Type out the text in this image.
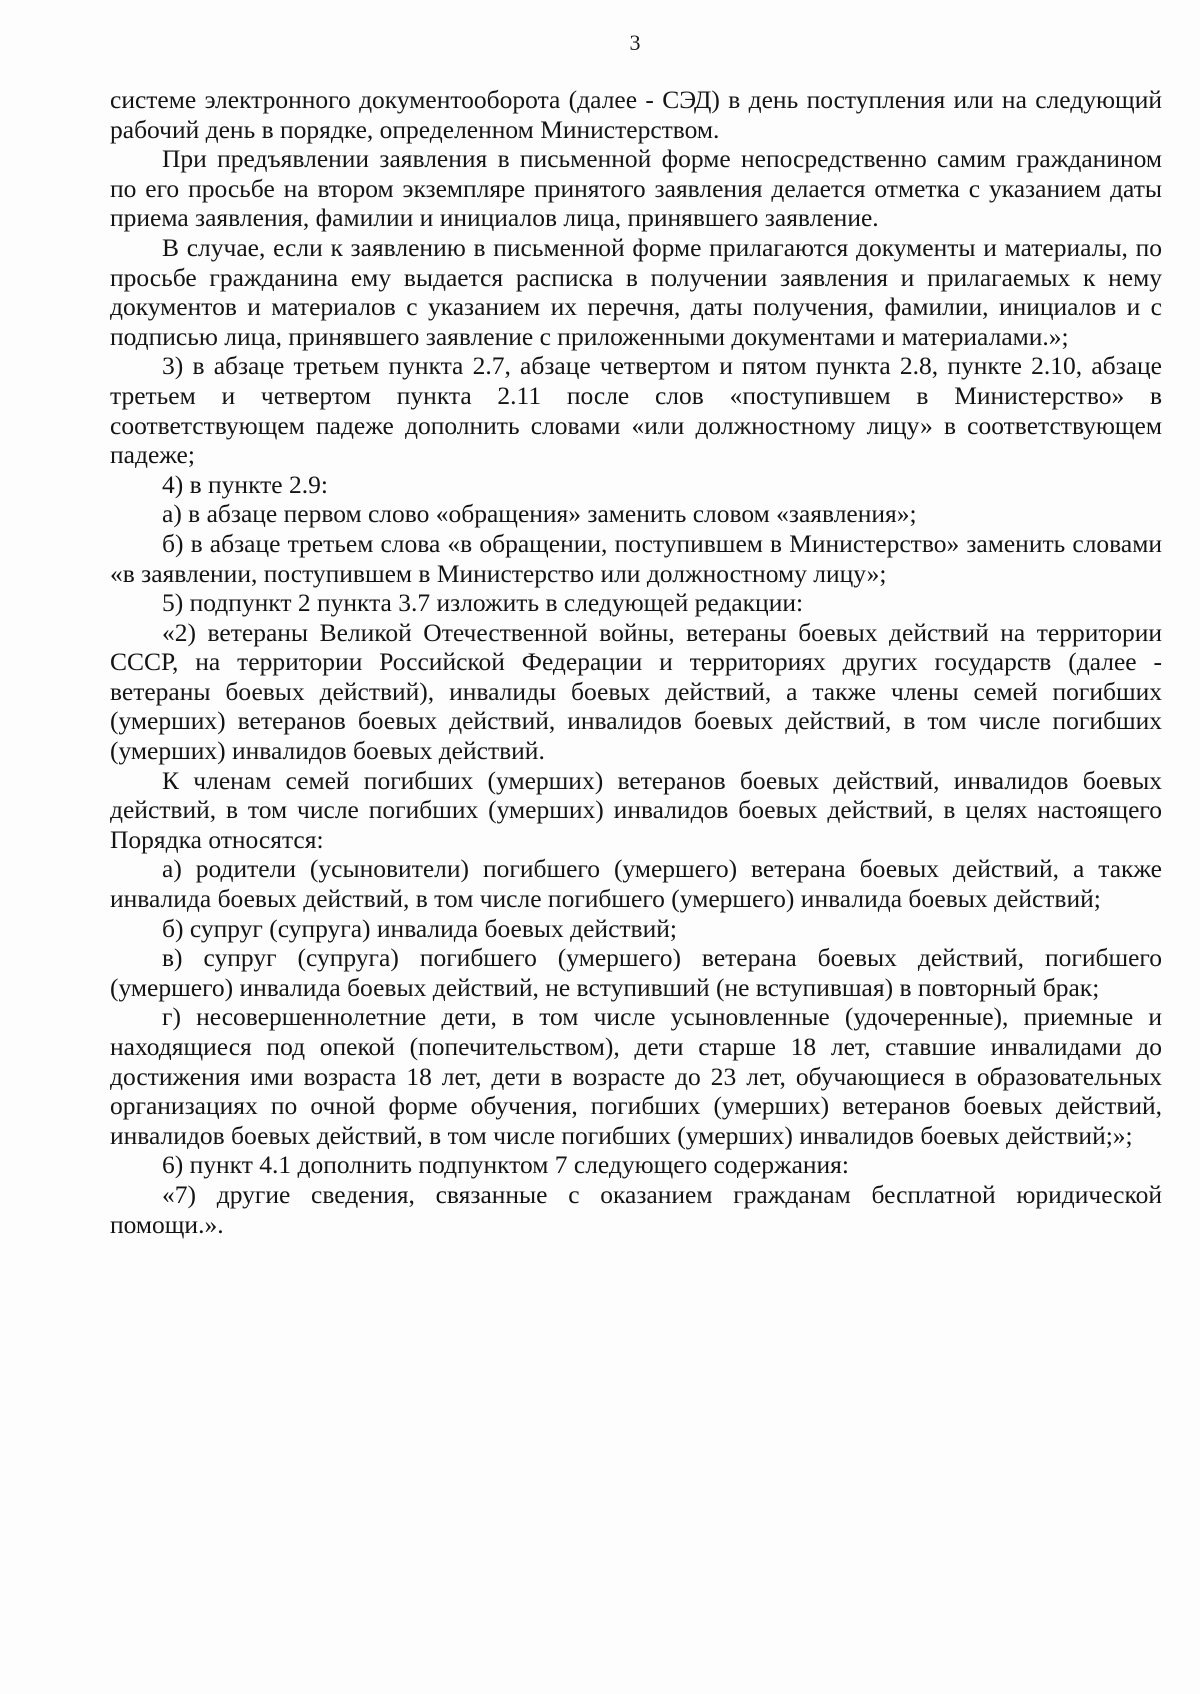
3

системе электронного документооборота (далее - СЭД) в день поступления или на следующий рабочий день в порядке, определенном Министерством.

При предъявлении заявления в письменной форме непосредственно самим гражданином по его просьбе на втором экземпляре принятого заявления делается отметка с указанием даты приема заявления, фамилии и инициалов лица, принявшего заявление.

В случае, если к заявлению в письменной форме прилагаются документы и материалы, по просьбе гражданина ему выдается расписка в получении заявления и прилагаемых к нему документов и материалов с указанием их перечня, даты получения, фамилии, инициалов и с подписью лица, принявшего заявление с приложенными документами и материалами.»;

3) в абзаце третьем пункта 2.7, абзаце четвертом и пятом пункта 2.8, пункте 2.10, абзаце третьем и четвертом пункта 2.11 после слов «поступившем в Министерство» в соответствующем падеже дополнить словами «или должностному лицу» в соответствующем падеже;

4) в пункте 2.9:

а) в абзаце первом слово «обращения» заменить словом «заявления»;

б) в абзаце третьем слова «в обращении, поступившем в Министерство» заменить словами «в заявлении, поступившем в Министерство или должностному лицу»;

5) подпункт 2 пункта 3.7 изложить в следующей редакции:

«2) ветераны Великой Отечественной войны, ветераны боевых действий на территории СССР, на территории Российской Федерации и территориях других государств (далее - ветераны боевых действий), инвалиды боевых действий, а также члены семей погибших (умерших) ветеранов боевых действий, инвалидов боевых действий, в том числе погибших (умерших) инвалидов боевых действий.

К членам семей погибших (умерших) ветеранов боевых действий, инвалидов боевых действий, в том числе погибших (умерших) инвалидов боевых действий, в целях настоящего Порядка относятся:

а) родители (усыновители) погибшего (умершего) ветерана боевых действий, а также инвалида боевых действий, в том числе погибшего (умершего) инвалида боевых действий;

б) супруг (супруга) инвалида боевых действий;

в) супруг (супруга) погибшего (умершего) ветерана боевых действий, погибшего (умершего) инвалида боевых действий, не вступивший (не вступившая) в повторный брак;

г) несовершеннолетние дети, в том числе усыновленные (удочеренные), приемные и находящиеся под опекой (попечительством), дети старше 18 лет, ставшие инвалидами до достижения ими возраста 18 лет, дети в возрасте до 23 лет, обучающиеся в образовательных организациях по очной форме обучения, погибших (умерших) ветеранов боевых действий, инвалидов боевых действий, в том числе погибших (умерших) инвалидов боевых действий;»;

6) пункт 4.1 дополнить подпунктом 7 следующего содержания:

«7) другие сведения, связанные с оказанием гражданам бесплатной юридической помощи.».
